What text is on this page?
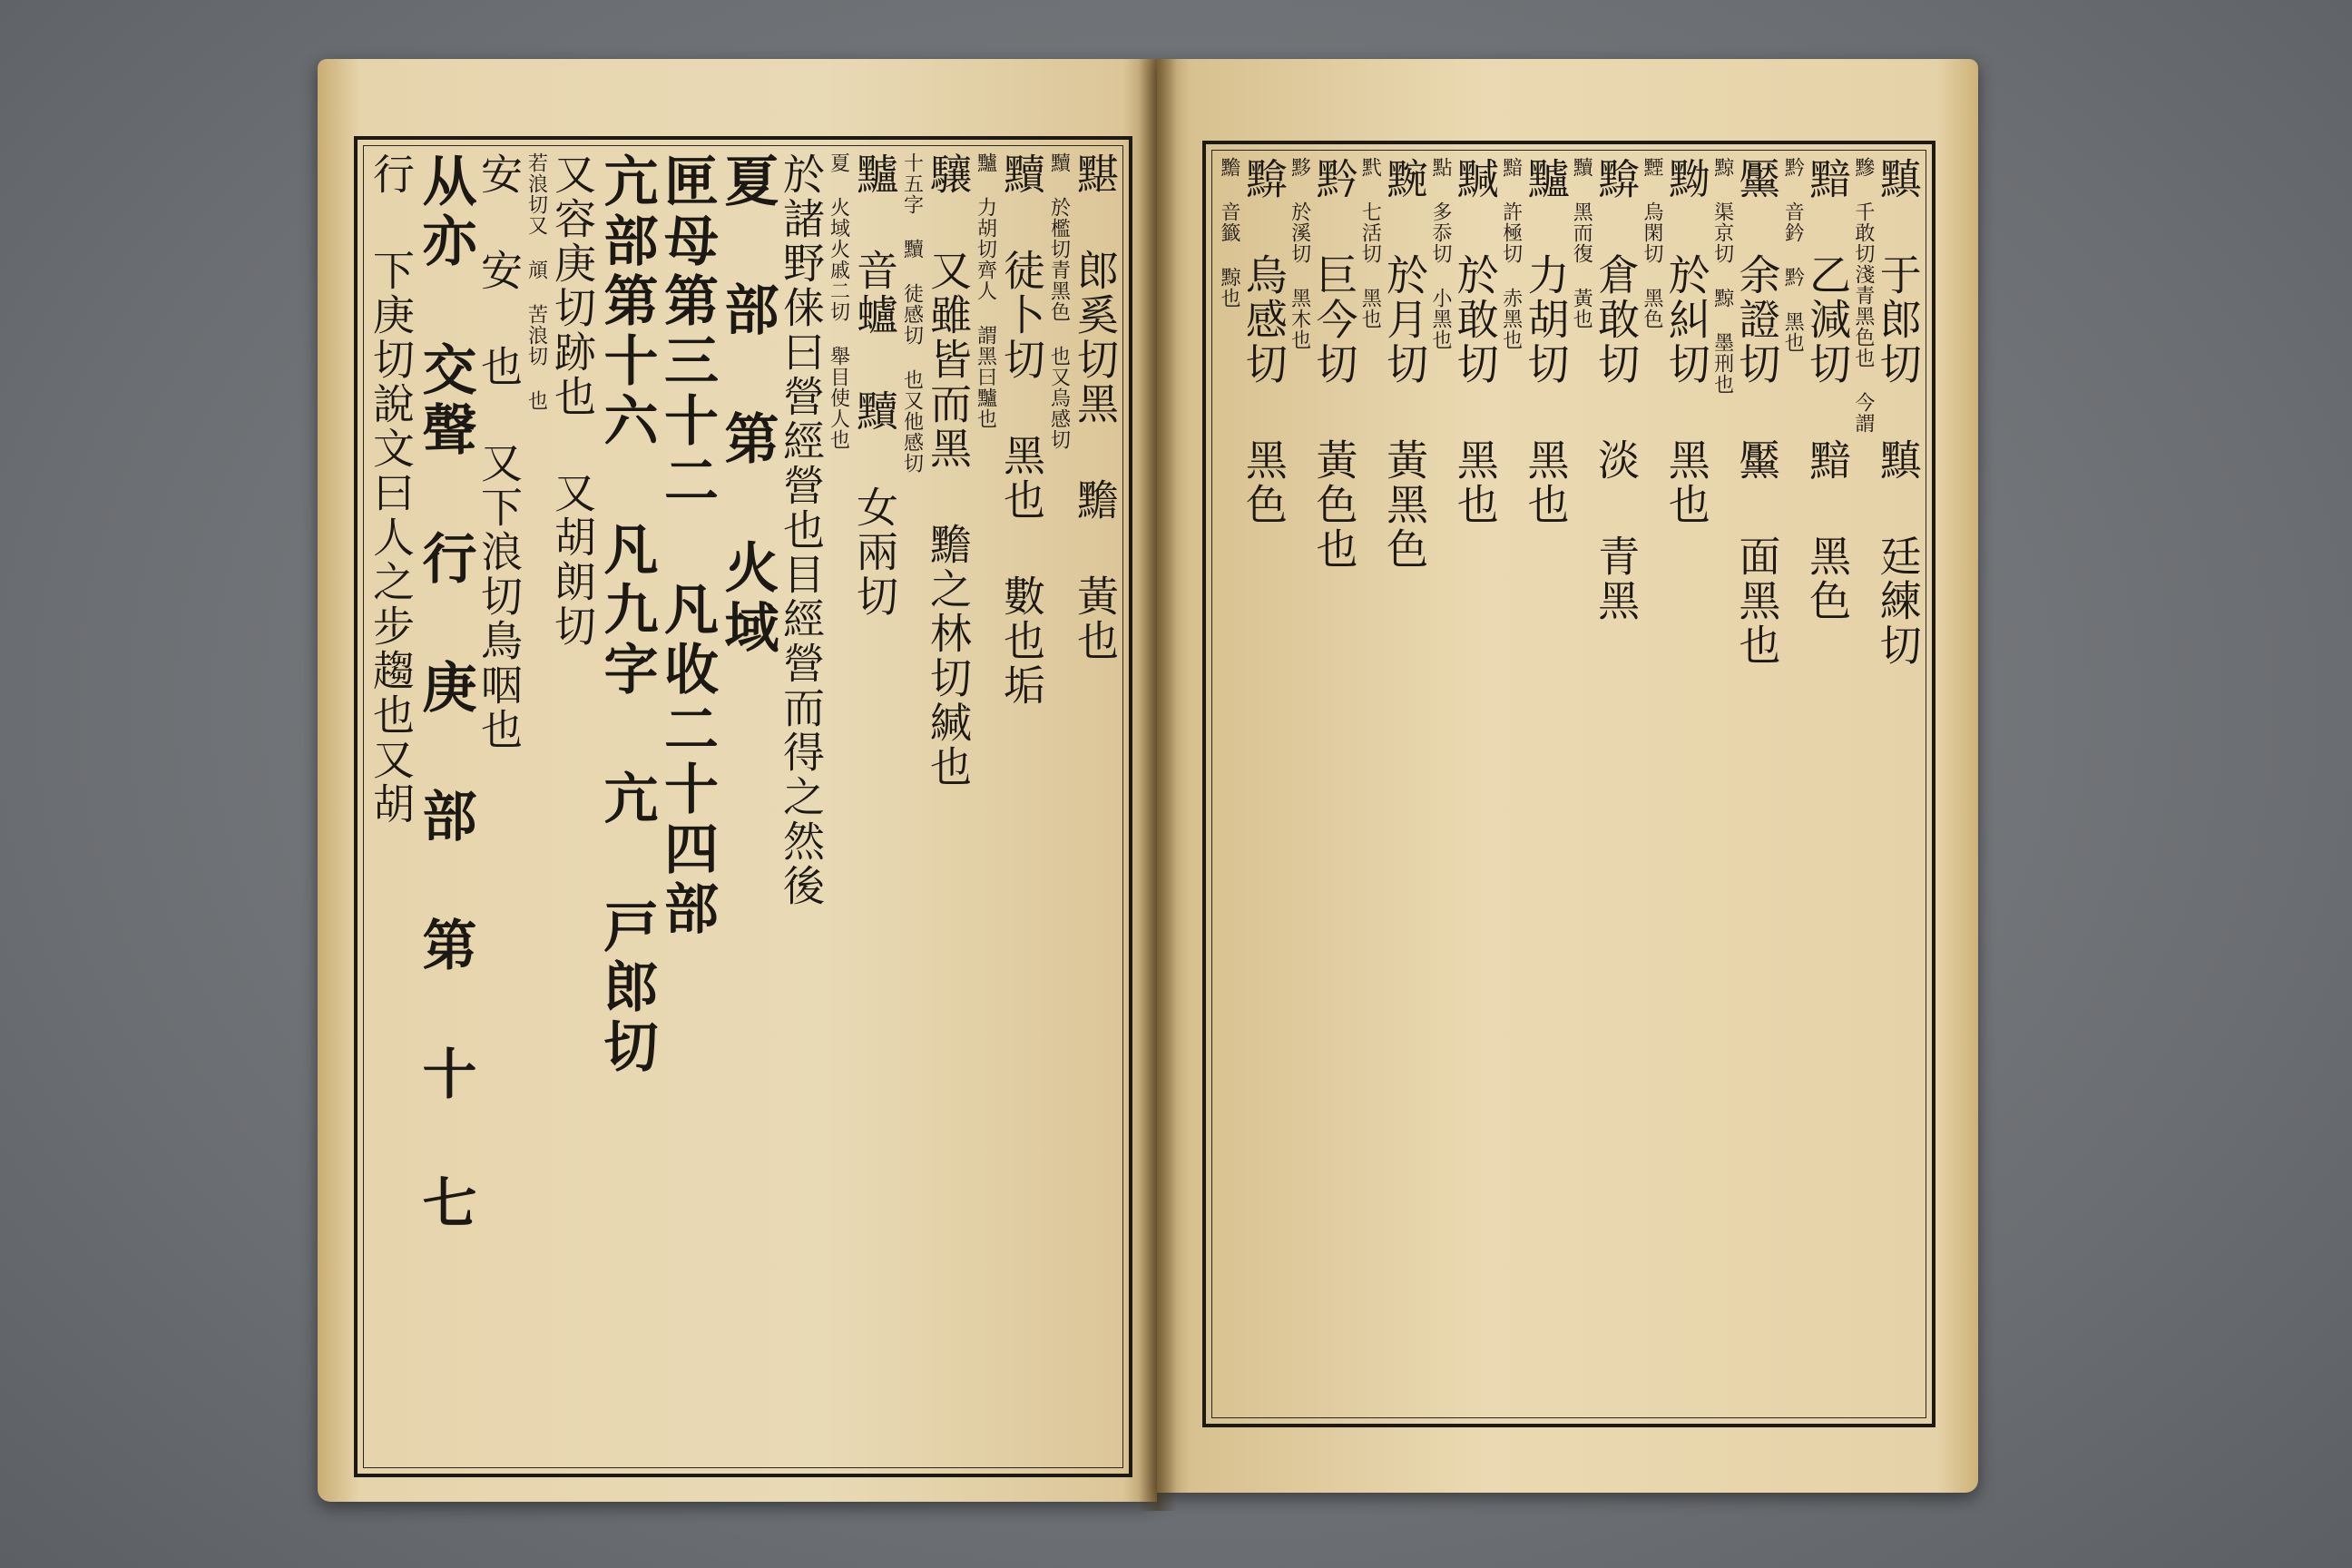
黮 郎奚切黑 黵 黃也
黷 於檻切青黑色 也又烏感切
黷 徒卜切 黑也 數也垢
黸 力胡切齊人 謂黑曰黸也
驤 又雖皆而黑 黵之林切緘也
十五字 黷 徒感切 也又他感切
黸 音蠦 黷 女兩切
夏 火域火戚二切 舉目使人也
於諸野俫曰營經營也目經營而得之然後
夏 部 第 火域
匣母第三十二 凡收二十四部
亢部第十六 凡九字 亢 戸郎切
又容庚切跡也 又胡朗切
若浪切又 頏 苦浪切 也
安 安 也 又下浪切鳥咽也
从亦 交聲 行 庚 部 第 十 七
行 下庚切說文曰人之步趨也又胡	黰 于郎切 黰 廷練切
黲 千敢切淺青黑色也 今謂
黯 乙減切 黯 黑色
黔 音鈐 黔 黑也
黶 余證切 黶 面黑也
黥 渠京切 黥 墨刑也
黝 於糾切 黑也
黫 烏閑切 黑色
黭 倉敢切 淡 青黑
黷 黑而復 黃也
黸 力胡切 黑也
黯 許極切 赤黑也
黬 於敢切 黑也
點 多忝切 小黑也
黦 於月切 黃黑色
黓 七活切 黑也
黔 巨今切 黃色也
黟 於溪切 黑木也
黭 烏感切 黑色
黵 音籤 黥也
